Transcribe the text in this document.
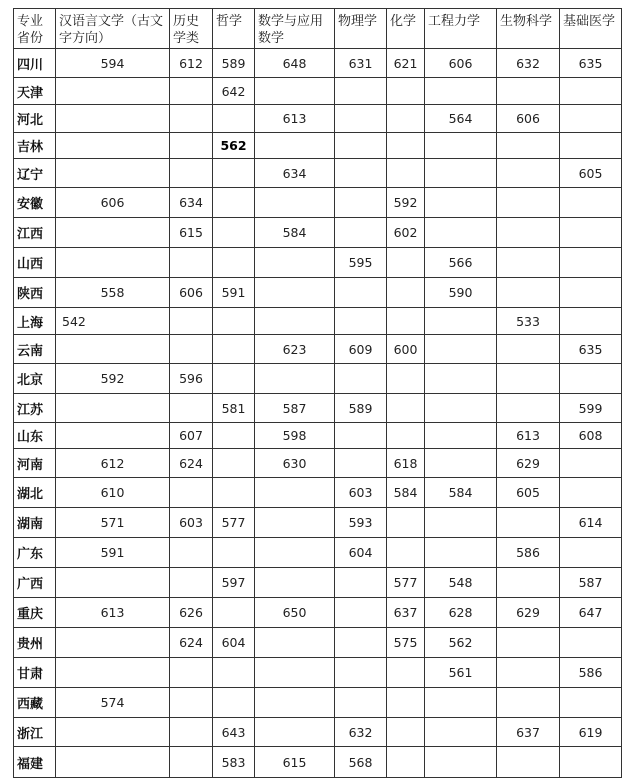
专业省份	汉语言文学（古文字方向）	历史学类	哲学	数学与应用数学	物理学	化学	工程力学	生物科学	基础医学
四川	594	612	589	648	631	621	606	632	635
天津			642						
河北				613			564	606	
吉林			562						
辽宁				634					605
安徽	606	634				592			
江西		615		584		602			
山西					595		566		
陕西	558	606	591				590		
上海	542							533	
云南				623	609	600			635
北京	592	596							
江苏			581	587	589				599
山东		607		598				613	608
河南	612	624		630		618		629	
湖北	610				603	584	584	605	
湖南	571	603	577		593				614
广东	591				604			586	
广西			597			577	548		587
重庆	613	626		650		637	628	629	647
贵州		624	604			575	562		
甘肃							561		586
西藏	574								
浙江			643		632			637	619
福建			583	615	568				
